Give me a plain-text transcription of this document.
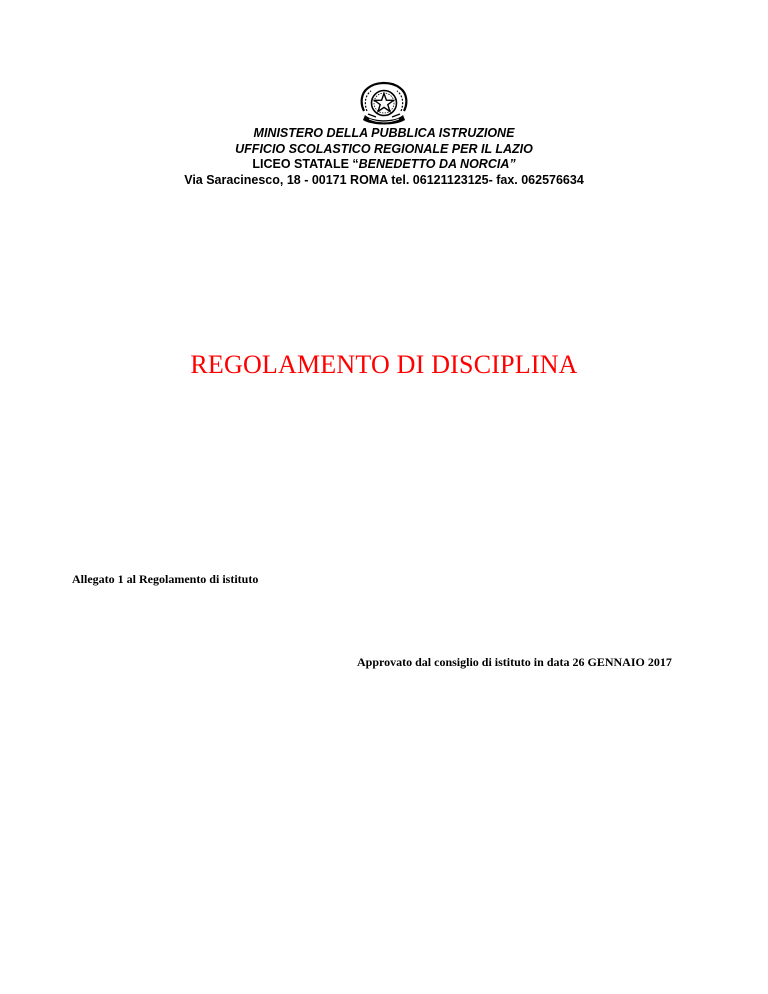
MINISTERO DELLA PUBBLICA ISTRUZIONE
UFFICIO SCOLASTICO REGIONALE PER IL LAZIO
LICEO STATALE “BENEDETTO DA NORCIA”
Via Saracinesco, 18 - 00171 ROMA tel. 06121123125- fax. 062576634
REGOLAMENTO DI DISCIPLINA
Allegato 1 al Regolamento di istituto
Approvato dal consiglio di istituto in data 26 GENNAIO 2017
